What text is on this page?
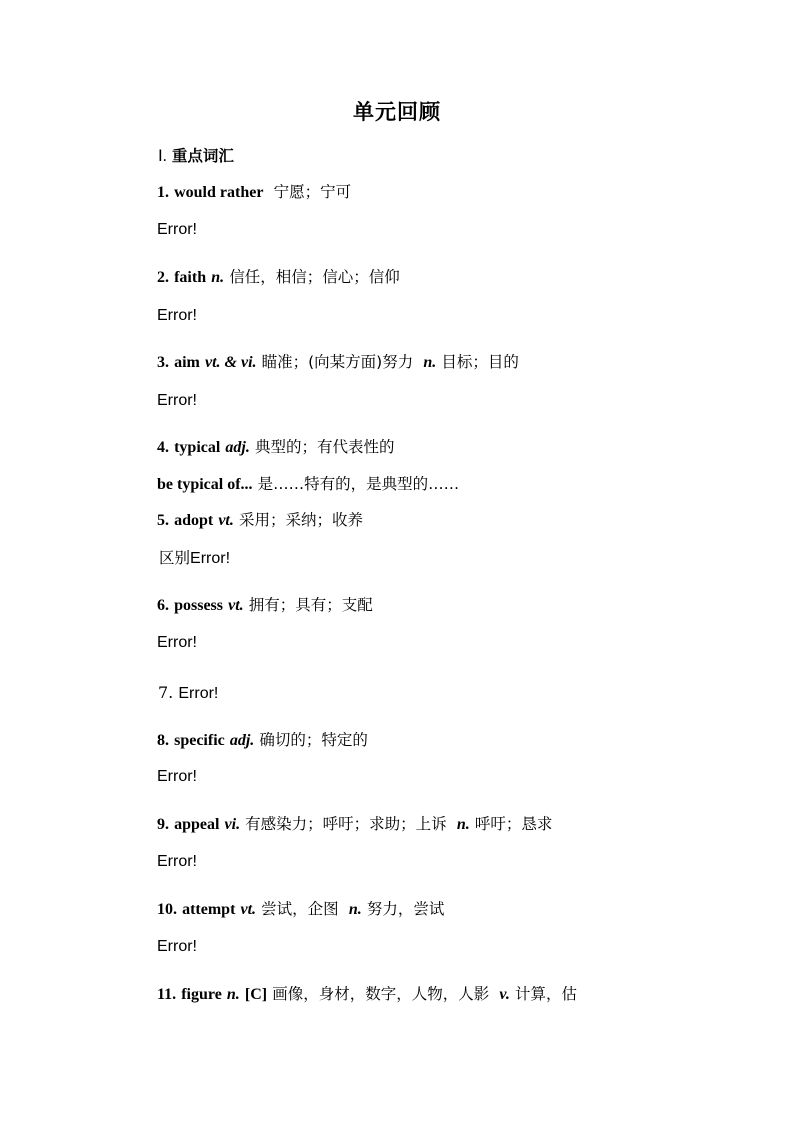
单元回顾
Ⅰ. 重点词汇
1. would rather 宁愿；宁可
Error!
2. faith n. 信任，相信；信心；信仰
Error!
3. aim vt. & vi. 瞄准；(向某方面)努力 n. 目标；目的
Error!
4. typical adj. 典型的；有代表性的
be typical of... 是……特有的，是典型的……
5. adopt vt. 采用；采纳；收养
区别Error!
6. possess vt. 拥有；具有；支配
Error!
7. Error!
8. specific adj. 确切的；特定的
Error!
9. appeal vi. 有感染力；呼吁；求助；上诉 n. 呼吁；恳求
Error!
10. attempt vt. 尝试，企图 n. 努力，尝试
Error!
11. figure n. [C] 画像，身材，数字，人物，人影 v. 计算，估
